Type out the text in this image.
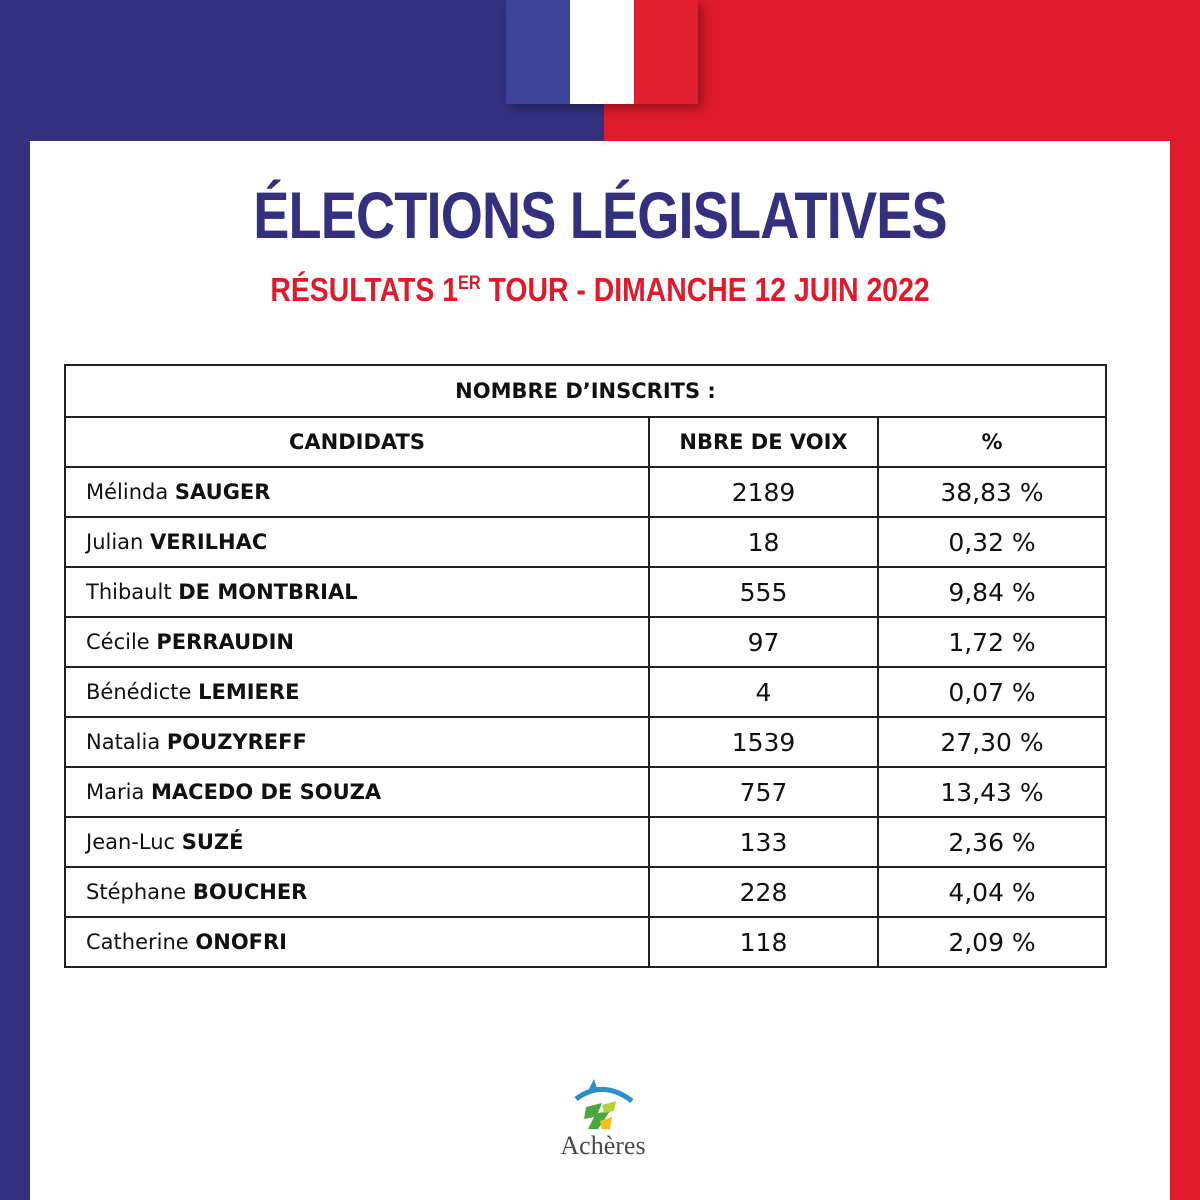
ÉLECTIONS LÉGISLATIVES
RÉSULTATS 1ER TOUR - DIMANCHE 12 JUIN 2022
NOMBRE D’INSCRITS :		
CANDIDATS	NBRE DE VOIX	%
Mélinda SAUGER	2189	38,83 %
Julian VERILHAC	18	0,32 %
Thibault DE MONTBRIAL	555	9,84 %
Cécile PERRAUDIN	97	1,72 %
Bénédicte LEMIERE	4	0,07 %
Natalia POUZYREFF	1539	27,30 %
Maria MACEDO DE SOUZA	757	13,43 %
Jean-Luc SUZÉ	133	2,36 %
Stéphane BOUCHER	228	4,04 %
Catherine ONOFRI	118	2,09 %
Achères
